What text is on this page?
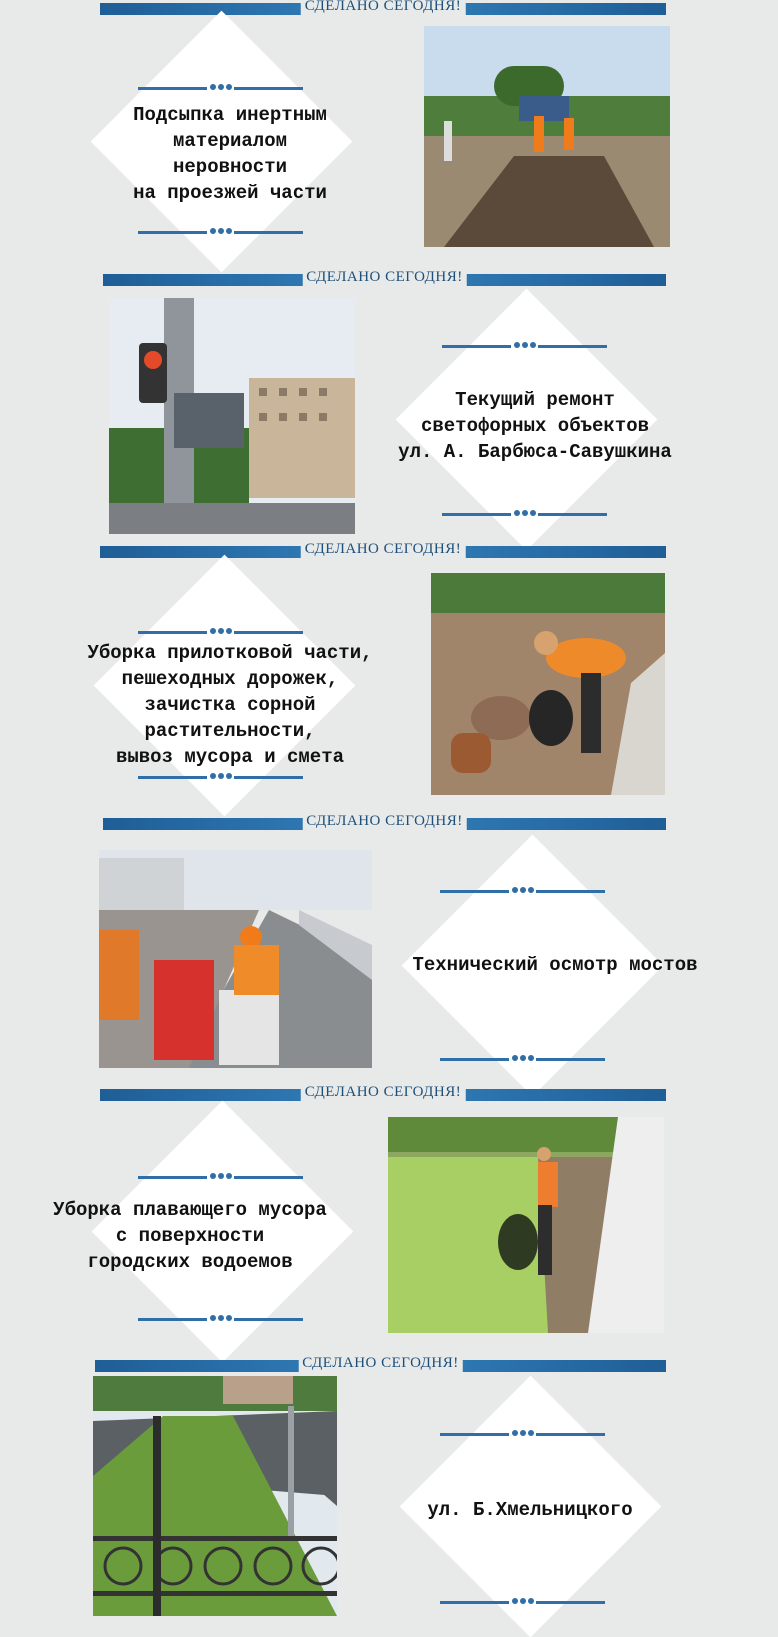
СДЕЛАНО СЕГОДНЯ!
Подсыпка инертным
материалом
неровности
на проезжей части
СДЕЛАНО СЕГОДНЯ!
Текущий ремонт
светофорных объектов
ул. А. Барбюса-Савушкина
СДЕЛАНО СЕГОДНЯ!
Уборка прилотковой части,
пешеходных дорожек,
зачистка сорной
растительности,
вывоз мусора и смета
СДЕЛАНО СЕГОДНЯ!
Технический осмотр мостов
СДЕЛАНО СЕГОДНЯ!
Уборка плавающего мусора
с поверхности
городских водоемов
СДЕЛАНО СЕГОДНЯ!
ул. Б.Хмельницкого
